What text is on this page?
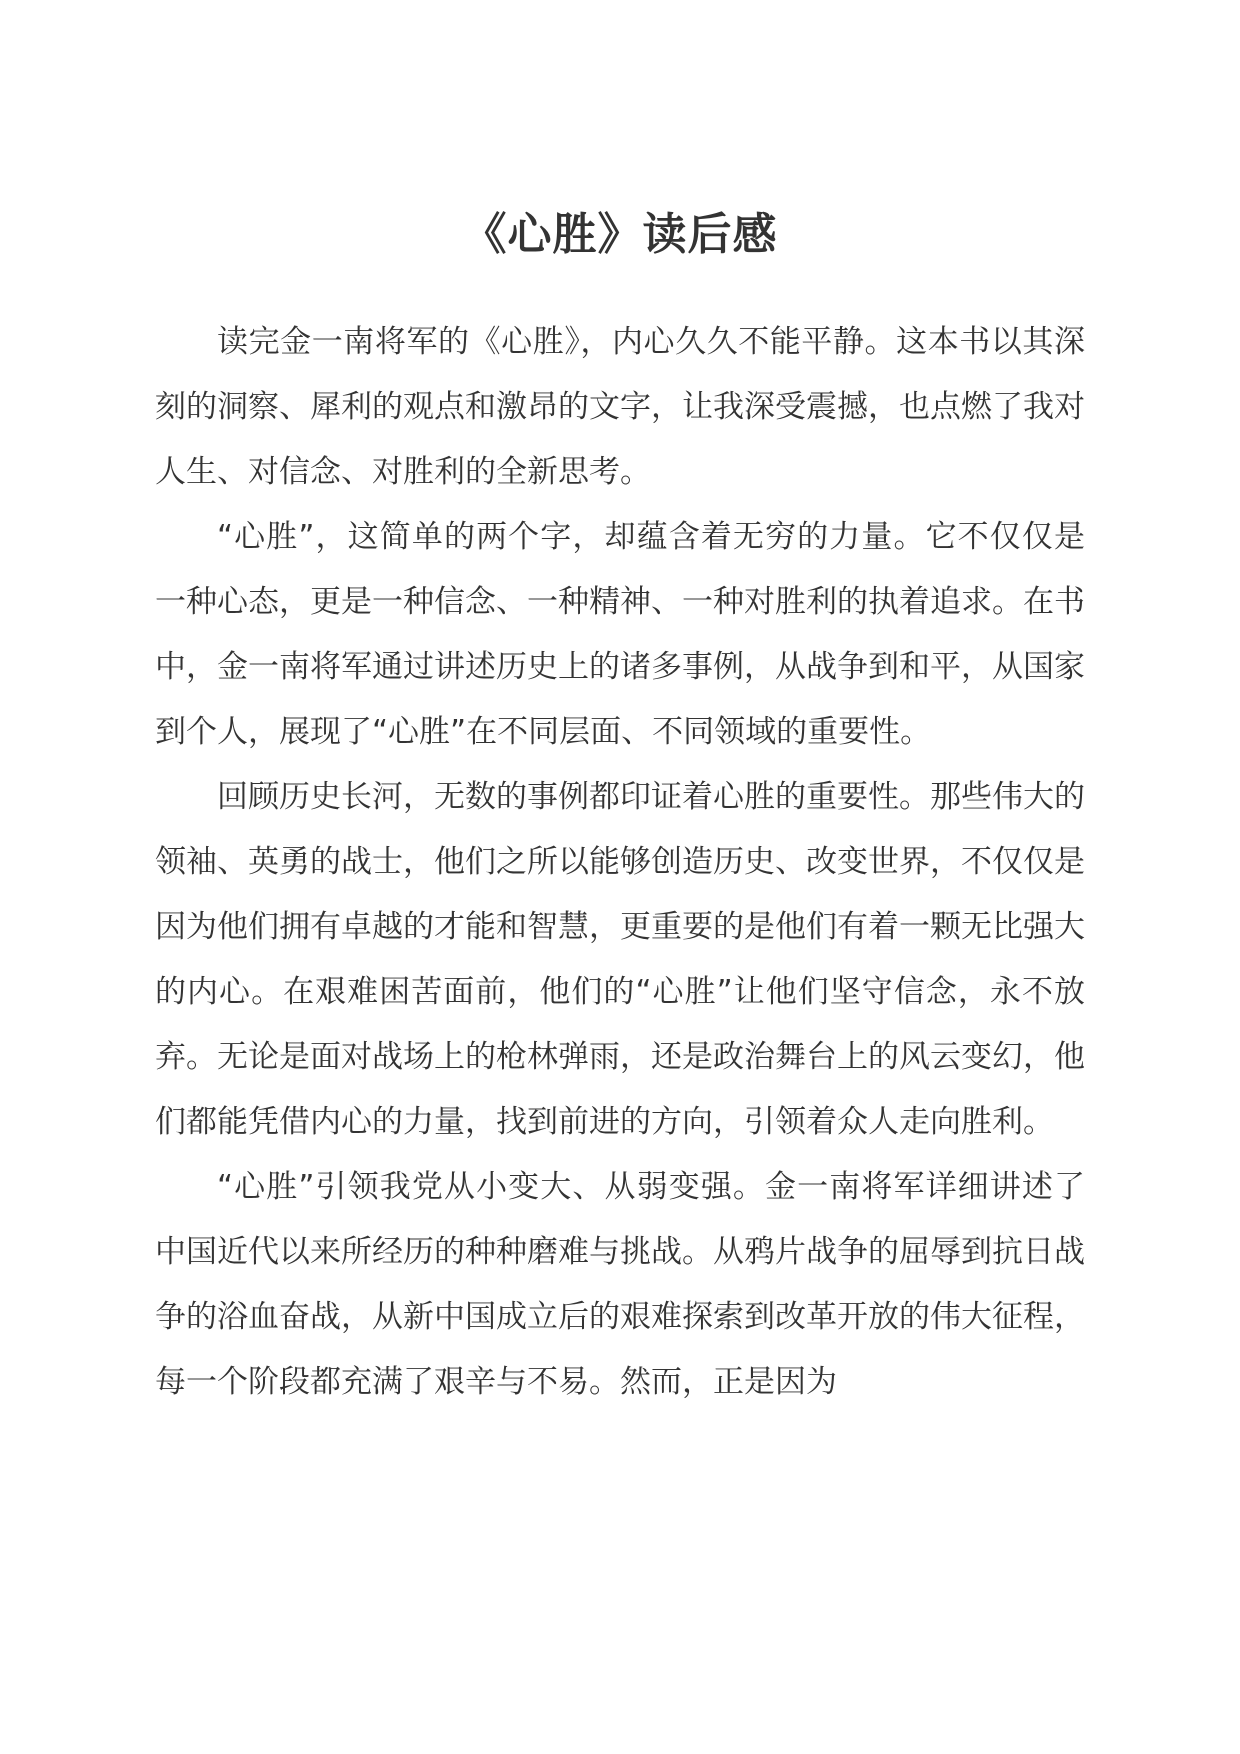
《心胜》读后感

读完金一南将军的《心胜》，内心久久不能平静。这本书以其深刻的洞察、犀利的观点和激昂的文字，让我深受震撼，也点燃了我对人生、对信念、对胜利的全新思考。

“心胜”，这简单的两个字，却蕴含着无穷的力量。它不仅仅是一种心态，更是一种信念、一种精神、一种对胜利的执着追求。在书中，金一南将军通过讲述历史上的诸多事例，从战争到和平，从国家到个人，展现了“心胜”在不同层面、不同领域的重要性。

回顾历史长河，无数的事例都印证着心胜的重要性。那些伟大的领袖、英勇的战士，他们之所以能够创造历史、改变世界，不仅仅是因为他们拥有卓越的才能和智慧，更重要的是他们有着一颗无比强大的内心。在艰难困苦面前，他们的“心胜”让他们坚守信念，永不放弃。无论是面对战场上的枪林弹雨，还是政治舞台上的风云变幻，他们都能凭借内心的力量，找到前进的方向，引领着众人走向胜利。

“心胜”引领我党从小变大、从弱变强。金一南将军详细讲述了中国近代以来所经历的种种磨难与挑战。从鸦片战争的屈辱到抗日战争的浴血奋战，从新中国成立后的艰难探索到改革开放的伟大征程，每一个阶段都充满了艰辛与不易。然而，正是因为
